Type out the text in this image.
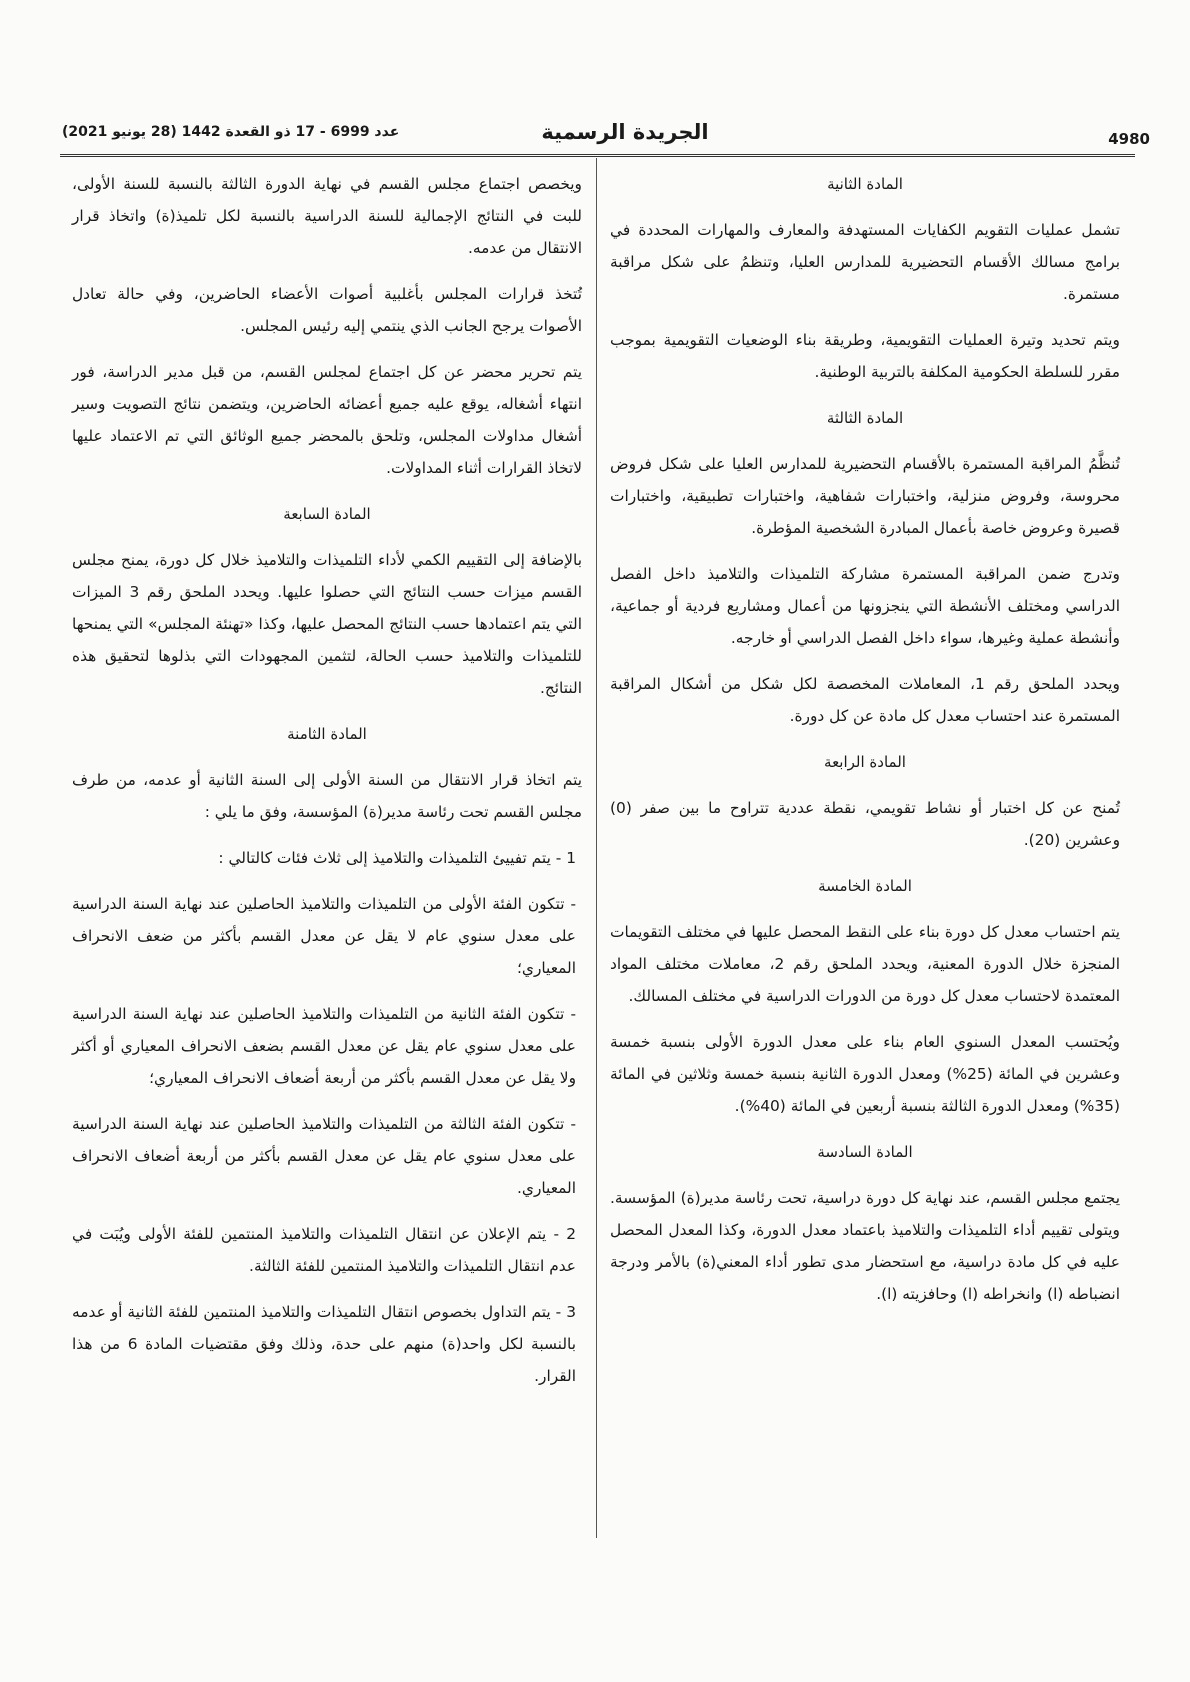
4980
الجريدة الرسمية
عدد 6999 - 17 ذو القعدة 1442 (28 يونيو 2021)
المادة الثانية

تشمل عمليات التقويم الكفايات المستهدفة والمعارف والمهارات المحددة في برامج مسالك الأقسام التحضيرية للمدارس العليا، وتنظمُ على شكل مراقبة مستمرة.

ويتم تحديد وتيرة العمليات التقويمية، وطريقة بناء الوضعيات التقويمية بموجب مقرر للسلطة الحكومية المكلفة بالتربية الوطنية.

المادة الثالثة

تُنظَّمُ المراقبة المستمرة بالأقسام التحضيرية للمدارس العليا على شكل فروض محروسة، وفروض منزلية، واختبارات شفاهية، واختبارات تطبيقية، واختبارات قصيرة وعروض خاصة بأعمال المبادرة الشخصية المؤطرة.

وتدرج ضمن المراقبة المستمرة مشاركة التلميذات والتلاميذ داخل الفصل الدراسي ومختلف الأنشطة التي ينجزونها من أعمال ومشاريع فردية أو جماعية، وأنشطة عملية وغيرها، سواء داخل الفصل الدراسي أو خارجه.

ويحدد الملحق رقم 1، المعاملات المخصصة لكل شكل من أشكال المراقبة المستمرة عند احتساب معدل كل مادة عن كل دورة.

المادة الرابعة

تُمنح عن كل اختبار أو نشاط تقويمي، نقطة عددية تتراوح ما بين صفر (0) وعشرين (20).

المادة الخامسة

يتم احتساب معدل كل دورة بناء على النقط المحصل عليها في مختلف التقويمات المنجزة خلال الدورة المعنية، ويحدد الملحق رقم 2، معاملات مختلف المواد المعتمدة لاحتساب معدل كل دورة من الدورات الدراسية في مختلف المسالك.

ويُحتسب المعدل السنوي العام بناء على معدل الدورة الأولى بنسبة خمسة وعشرين في المائة (25%) ومعدل الدورة الثانية بنسبة خمسة وثلاثين في المائة (35%) ومعدل الدورة الثالثة بنسبة أربعين في المائة (40%).

المادة السادسة

يجتمع مجلس القسم، عند نهاية كل دورة دراسية، تحت رئاسة مدير(ة) المؤسسة. ويتولى تقييم أداء التلميذات والتلاميذ باعتماد معدل الدورة، وكذا المعدل المحصل عليه في كل مادة دراسية، مع استحضار مدى تطور أداء المعني(ة) بالأمر ودرجة انضباطه (ا) وانخراطه (ا) وحافزيته (ا).

ويخصص اجتماع مجلس القسم في نهاية الدورة الثالثة بالنسبة للسنة الأولى، للبت في النتائج الإجمالية للسنة الدراسية بالنسبة لكل تلميذ(ة) واتخاذ قرار الانتقال من عدمه.

تُتخذ قرارات المجلس بأغلبية أصوات الأعضاء الحاضرين، وفي حالة تعادل الأصوات يرجح الجانب الذي ينتمي إليه رئيس المجلس.

يتم تحرير محضر عن كل اجتماع لمجلس القسم، من قبل مدير الدراسة، فور انتهاء أشغاله، يوقع عليه جميع أعضائه الحاضرين، ويتضمن نتائج التصويت وسير أشغال مداولات المجلس، وتلحق بالمحضر جميع الوثائق التي تم الاعتماد عليها لاتخاذ القرارات أثناء المداولات.

المادة السابعة

بالإضافة إلى التقييم الكمي لأداء التلميذات والتلاميذ خلال كل دورة، يمنح مجلس القسم ميزات حسب النتائج التي حصلوا عليها. ويحدد الملحق رقم 3 الميزات التي يتم اعتمادها حسب النتائج المحصل عليها، وكذا «تهنئة المجلس» التي يمنحها للتلميذات والتلاميذ حسب الحالة، لتثمين المجهودات التي بذلوها لتحقيق هذه النتائج.

المادة الثامنة

يتم اتخاذ قرار الانتقال من السنة الأولى إلى السنة الثانية أو عدمه، من طرف مجلس القسم تحت رئاسة مدير(ة) المؤسسة، وفق ما يلي :

1 - يتم تفييئ التلميذات والتلاميذ إلى ثلاث فئات كالتالي :

- تتكون الفئة الأولى من التلميذات والتلاميذ الحاصلين عند نهاية السنة الدراسية على معدل سنوي عام لا يقل عن معدل القسم بأكثر من ضعف الانحراف المعياري؛

- تتكون الفئة الثانية من التلميذات والتلاميذ الحاصلين عند نهاية السنة الدراسية على معدل سنوي عام يقل عن معدل القسم بضعف الانحراف المعياري أو أكثر ولا يقل عن معدل القسم بأكثر من أربعة أضعاف الانحراف المعياري؛

- تتكون الفئة الثالثة من التلميذات والتلاميذ الحاصلين عند نهاية السنة الدراسية على معدل سنوي عام يقل عن معدل القسم بأكثر من أربعة أضعاف الانحراف المعياري.

2 - يتم الإعلان عن انتقال التلميذات والتلاميذ المنتمين للفئة الأولى ويُبَت في عدم انتقال التلميذات والتلاميذ المنتمين للفئة الثالثة.

3 - يتم التداول بخصوص انتقال التلميذات والتلاميذ المنتمين للفئة الثانية أو عدمه بالنسبة لكل واحد(ة) منهم على حدة، وذلك وفق مقتضيات المادة 6 من هذا القرار.
